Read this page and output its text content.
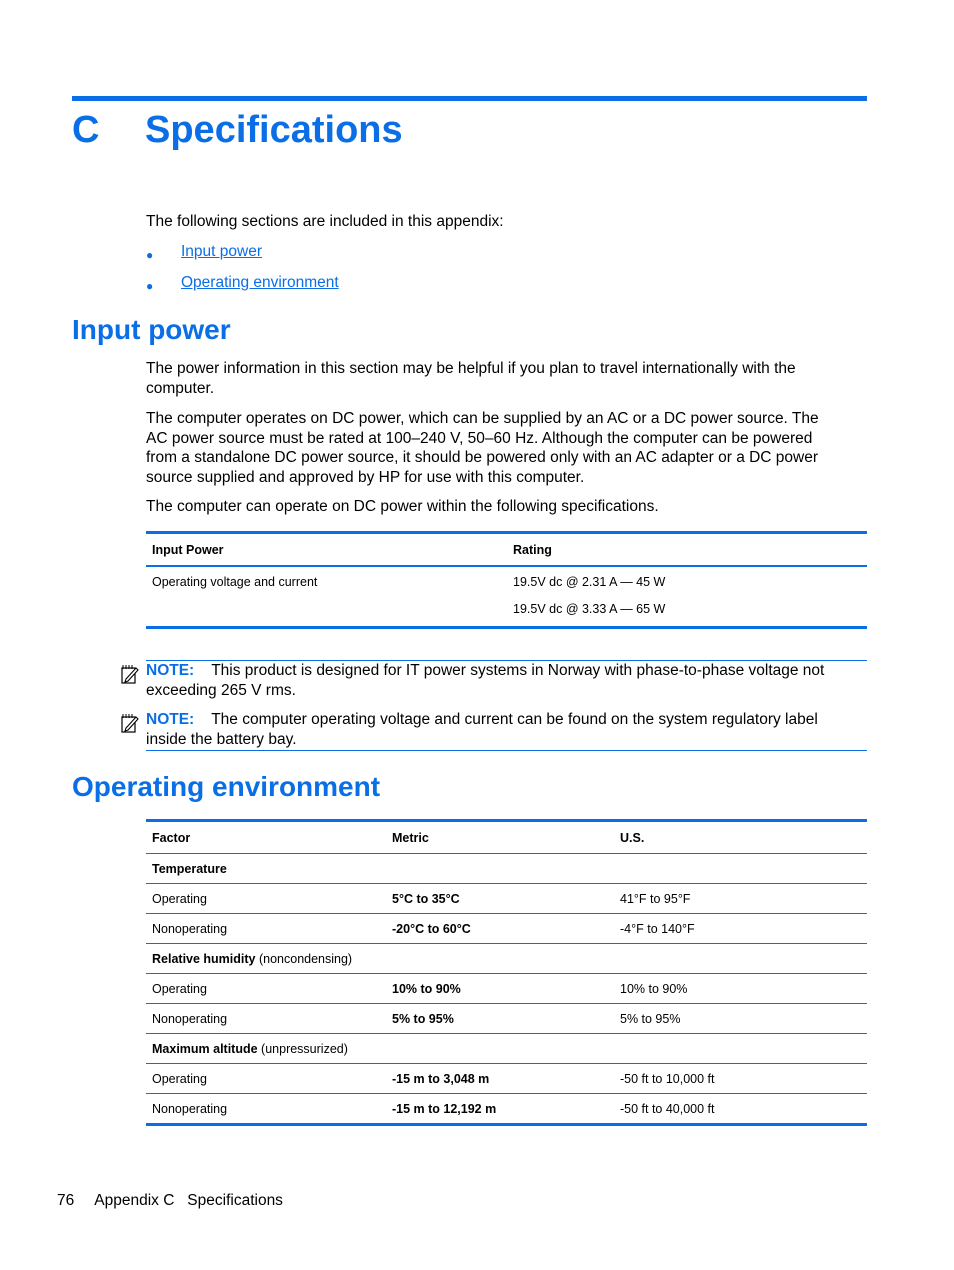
C Specifications
The following sections are included in this appendix:
● Input power
● Operating environment
Input power
The power information in this section may be helpful if you plan to travel internationally with the
computer.
The computer operates on DC power, which can be supplied by an AC or a DC power source. The
AC power source must be rated at 100–240 V, 50–60 Hz. Although the computer can be powered
from a standalone DC power source, it should be powered only with an AC adapter or a DC power
source supplied and approved by HP for use with this computer.
The computer can operate on DC power within the following specifications.
Input Power	Rating
Operating voltage and current	19.5V dc @ 2.31 A — 45 W
	19.5V dc @ 3.33 A — 65 W
NOTE: This product is designed for IT power systems in Norway with phase-to-phase voltage not
exceeding 265 V rms.
NOTE: The computer operating voltage and current can be found on the system regulatory label
inside the battery bay.
Operating environment
Factor	Metric	U.S.
Temperature		
Operating	5°C to 35°C	41°F to 95°F
Nonoperating	-20°C to 60°C	-4°F to 140°F
Relative humidity (noncondensing)		
Operating	10% to 90%	10% to 90%
Nonoperating	5% to 95%	5% to 95%
Maximum altitude (unpressurized)		
Operating	-15 m to 3,048 m	-50 ft to 10,000 ft
Nonoperating	-15 m to 12,192 m	-50 ft to 40,000 ft
76 Appendix C   Specifications
